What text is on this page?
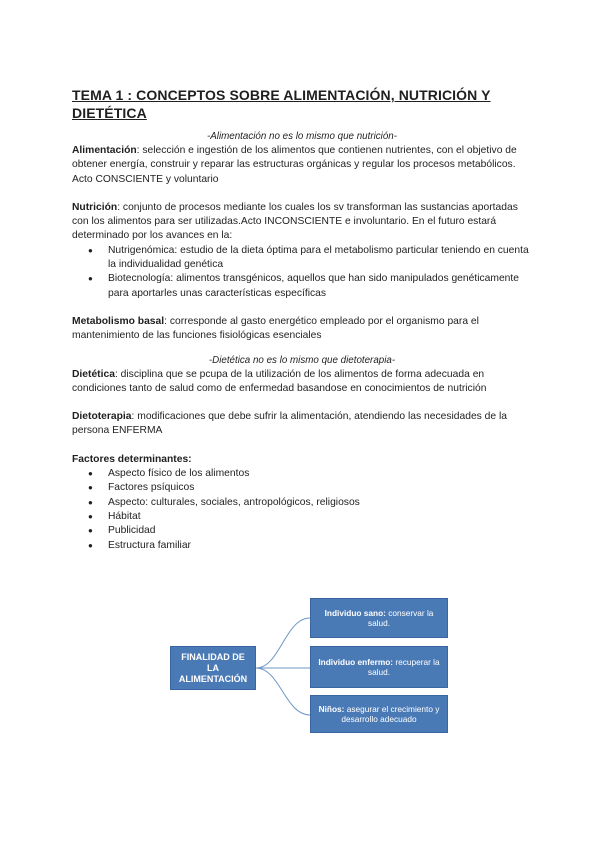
TEMA 1 : CONCEPTOS SOBRE ALIMENTACIÓN, NUTRICIÓN Y DIETÉTICA

-Alimentación no es lo mismo que nutrición-

Alimentación: selección e ingestión de los alimentos que contienen nutrientes, con el objetivo de obtener energía, construir y reparar las estructuras orgánicas y regular los procesos metabólicos. Acto CONSCIENTE y voluntario

Nutrición: conjunto de procesos mediante los cuales los sv transforman las sustancias aportadas con los alimentos para ser utilizadas.Acto INCONSCIENTE e involuntario. En el futuro estará determinado por los avances en la:

● Nutrigenómica: estudio de la dieta óptima para el metabolismo particular teniendo en cuenta la individualidad genética
● Biotecnología: alimentos transgénicos, aquellos que han sido manipulados genéticamente para aportarles unas características específicas

Metabolismo basal: corresponde al gasto energético empleado por el organismo para el mantenimiento de las funciones fisiológicas esenciales

-Dietética no es lo mismo que dietoterapia-

Dietética: disciplina que se pcupa de la utilización de los alimentos de forma adecuada en condiciones tanto de salud como de enfermedad basandose en conocimientos de nutrición

Dietoterapia: modificaciones que debe sufrir la alimentación, atendiendo las necesidades de la persona ENFERMA

Factores determinantes:

● Aspecto físico de los alimentos
● Factores psíquicos
● Aspecto: culturales, sociales, antropológicos, religiosos
● Hábitat
● Publicidad
● Estructura familiar
FINALIDAD DE LA ALIMENTACIÓN
Individuo sano: conservar la salud.
Individuo enfermo: recuperar la salud.
Niños: asegurar el crecimiento y desarrollo adecuado
